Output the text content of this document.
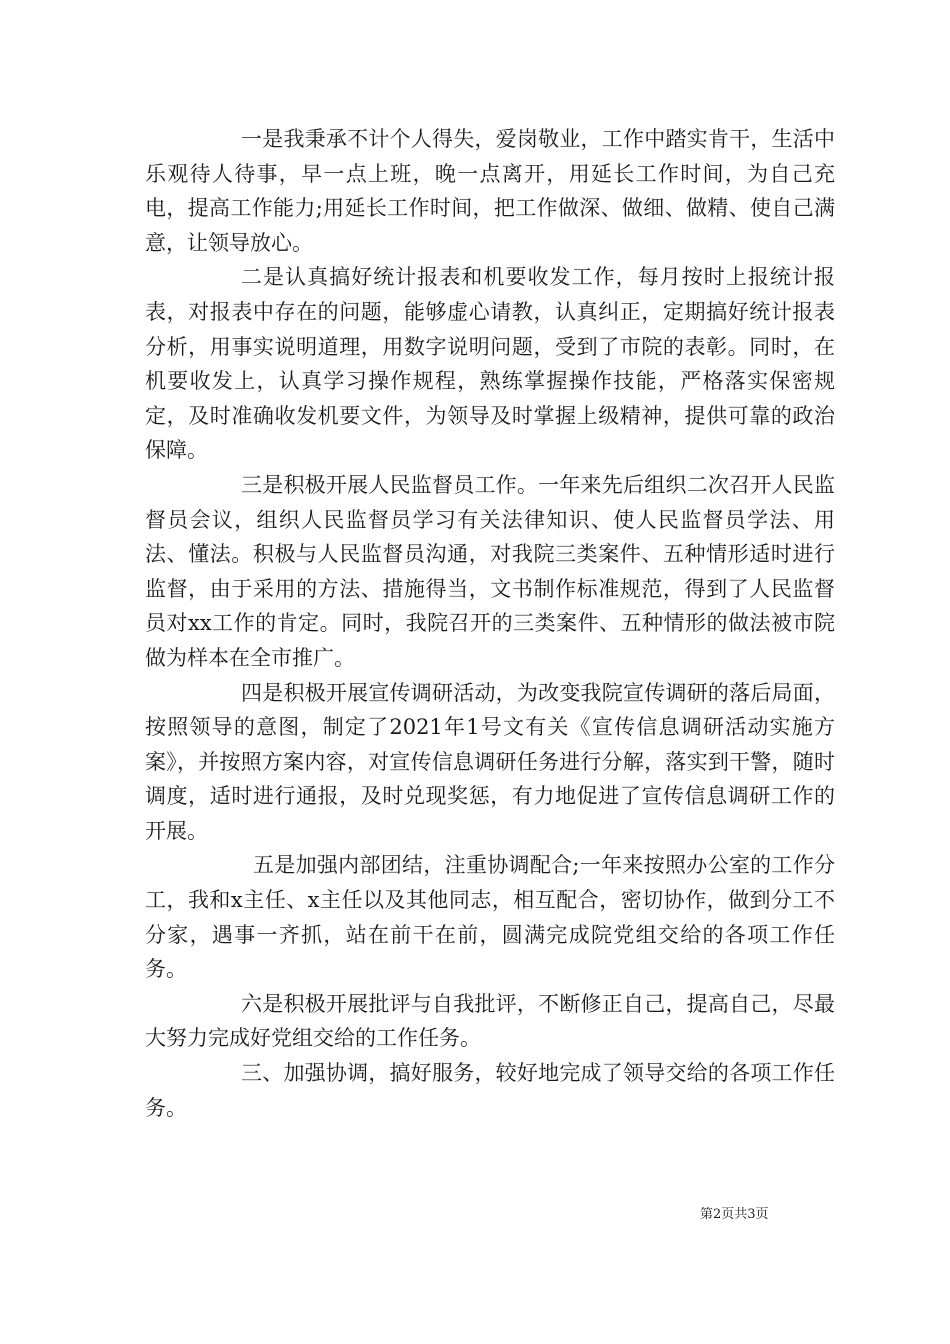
一是我秉承不计个人得失，爱岗敬业，工作中踏实肯干，生活中乐观待人待事，早一点上班，晚一点离开，用延长工作时间，为自己充电，提高工作能力;用延长工作时间，把工作做深、做细、做精、使自己满意，让领导放心。

二是认真搞好统计报表和机要收发工作，每月按时上报统计报表，对报表中存在的问题，能够虚心请教，认真纠正，定期搞好统计报表分析，用事实说明道理，用数字说明问题，受到了市院的表彰。同时，在机要收发上，认真学习操作规程，熟练掌握操作技能，严格落实保密规定，及时准确收发机要文件，为领导及时掌握上级精神，提供可靠的政治保障。

三是积极开展人民监督员工作。一年来先后组织二次召开人民监督员会议，组织人民监督员学习有关法律知识、使人民监督员学法、用法、懂法。积极与人民监督员沟通，对我院三类案件、五种情形适时进行监督，由于采用的方法、措施得当，文书制作标准规范，得到了人民监督员对xx工作的肯定。同时，我院召开的三类案件、五种情形的做法被市院做为样本在全市推广。

四是积极开展宣传调研活动，为改变我院宣传调研的落后局面，按照领导的意图，制定了2021年1号文有关《宣传信息调研活动实施方案》，并按照方案内容，对宣传信息调研任务进行分解，落实到干警，随时调度，适时进行通报，及时兑现奖惩，有力地促进了宣传信息调研工作的开展。

五是加强内部团结，注重协调配合;一年来按照办公室的工作分工，我和x主任、x主任以及其他同志，相互配合，密切协作，做到分工不分家，遇事一齐抓，站在前干在前，圆满完成院党组交给的各项工作任务。

六是积极开展批评与自我批评，不断修正自己，提高自己，尽最大努力完成好党组交给的工作任务。

三、加强协调，搞好服务，较好地完成了领导交给的各项工作任务。

第2页共3页
